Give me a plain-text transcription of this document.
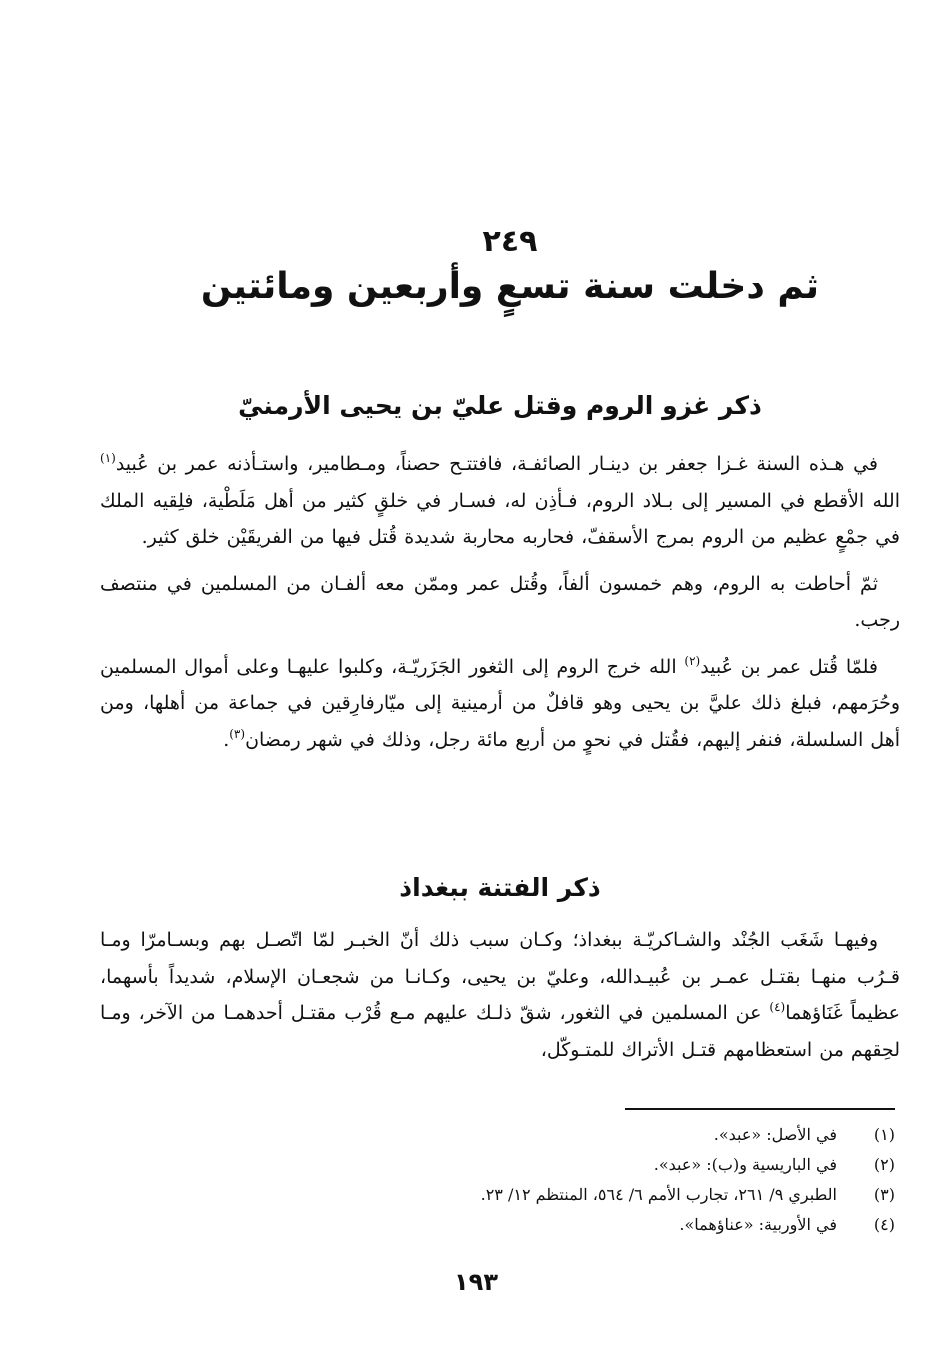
٢٤٩
ثم دخلت سنة تسعٍ وأربعين ومائتين
ذكر غزو الروم وقتل عليّ بن يحيى الأرمنيّ
في هـذه السنة غـزا جعفر بن دينـار الصائفـة، فافتتـح حصناً، ومـطامير، واستـأذنه عمر بن عُبيد$^{(١)}$ الله الأقطع في المسير إلى بـلاد الروم، فـأذِن له، فسـار في خلقٍ كثير من أهل مَلَطْية، فلِقيه الملك في جمْعٍ عظيم من الروم بمرج الأسقفّ، فحاربه محاربة شديدة قُتل فيها من الفريقَيْن خلق كثير.
ثمّ أحاطت به الروم، وهم خمسون ألفاً، وقُتل عمر وممّن معه ألفـان من المسلمين في منتصف رجب.
فلمّا قُتل عمر بن عُبيد$^{(٢)}$ الله خرج الروم إلى الثغور الجَزَريّـة، وكلبوا عليهـا وعلى أموال المسلمين وحُرَمهم، فبلغ ذلك عليَّ بن يحيى وهو قافلٌ من أرمينية إلى ميّارفارِقين في جماعة من أهلها، ومن أهل السلسلة، فنفر إليهم، فقُتل في نحوٍ من أربع مائة رجل، وذلك في شهر رمضان$^{(٣)}$.
ذكر الفتنة ببغداذ
وفيهـا شَغَب الجُنْد والشـاكريّـة ببغداذ؛ وكـان سبب ذلك أنّ الخبـر لمّا اتّصـل بهم وبسـامرّا ومـا قـرُب منهـا بقتـل عمـر بن عُبيـدالله، وعليّ بن يحيى، وكـانـا من شجعـان الإسلام، شديداً بأسهما، عظيماً غَنَاؤهما$^{(٤)}$ عن المسلمين في الثغور، شقّ ذلـك عليهم مـع قُرْب مقتـل أحدهمـا من الآخر، ومـا لحِقهم من استعظامهم قتـل الأتراك للمتـوكّل،
(١)
في الأصل: «عبد».
(٢)
في الباريسية و(ب): «عبد».
(٣)
الطبري ٩/ ٢٦١، تجارب الأمم ٦/ ٥٦٤، المنتظم ١٢/ ٢٣.
(٤)
في الأوربية: «عناؤهما».
١٩٣
